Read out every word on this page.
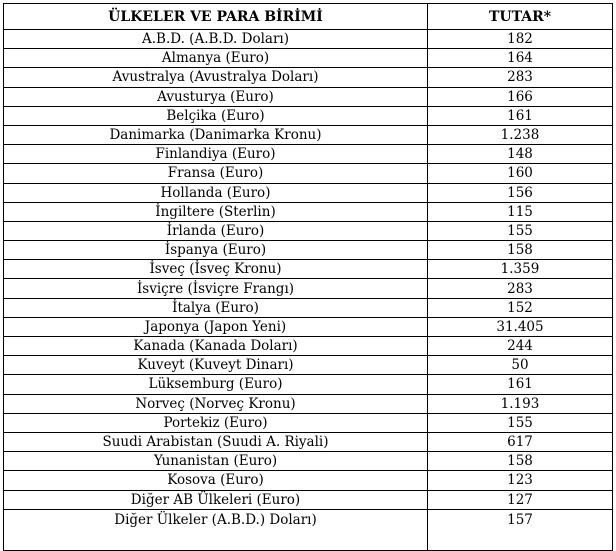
ÜLKELER VE PARA BİRİMİ	TUTAR*
A.B.D. (A.B.D. Doları)	182
Almanya (Euro)	164
Avustralya (Avustralya Doları)	283
Avusturya (Euro)	166
Belçika (Euro)	161
Danimarka (Danimarka Kronu)	1.238
Finlandiya (Euro)	148
Fransa (Euro)	160
Hollanda (Euro)	156
İngiltere (Sterlin)	115
İrlanda (Euro)	155
İspanya (Euro)	158
İsveç (İsveç Kronu)	1.359
İsviçre (İsviçre Frangı)	283
İtalya (Euro)	152
Japonya (Japon Yeni)	31.405
Kanada (Kanada Doları)	244
Kuveyt (Kuveyt Dinarı)	50
Lüksemburg (Euro)	161
Norveç (Norveç Kronu)	1.193
Portekiz (Euro)	155
Suudi Arabistan (Suudi A. Riyali)	617
Yunanistan (Euro)	158
Kosova (Euro)	123
Diğer AB Ülkeleri (Euro)	127
Diğer Ülkeler (A.B.D.) Doları)	157
